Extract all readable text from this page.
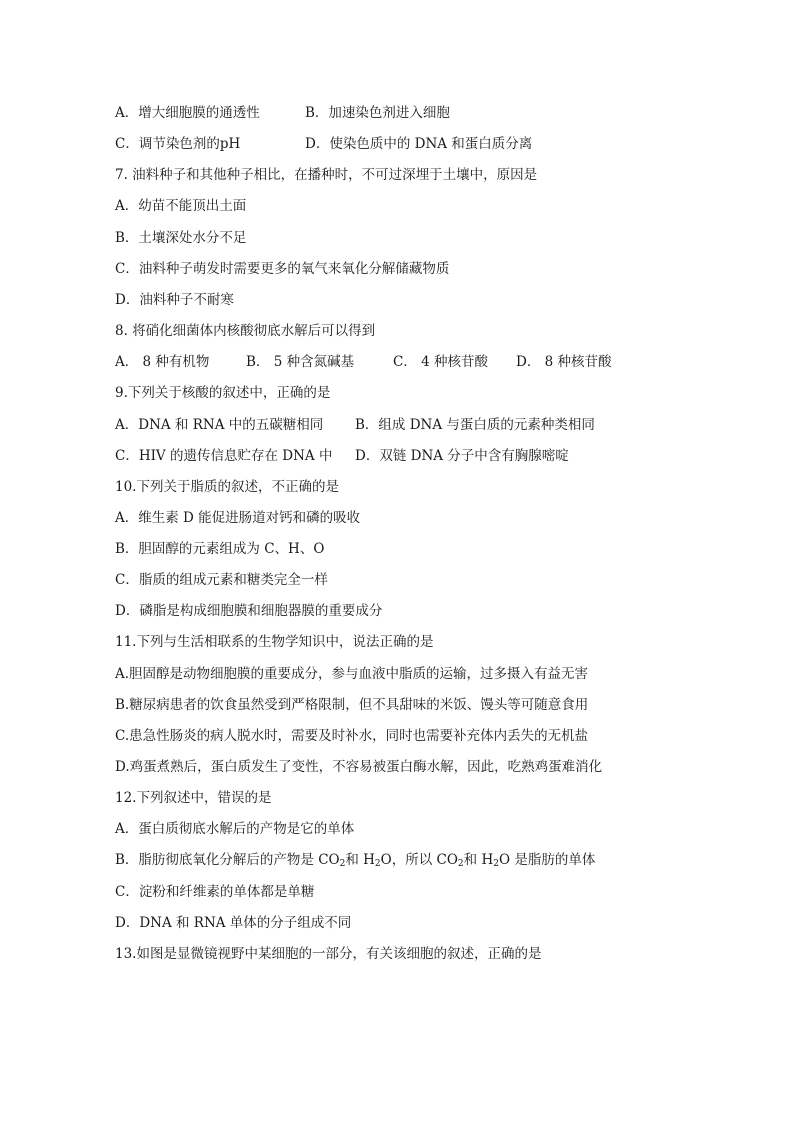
A．增大细胞膜的通透性	B．加速染色剂进入细胞
C．调节染色剂的pH	D．使染色质中的 DNA 和蛋白质分离
7. 油料种子和其他种子相比，在播种时，不可过深埋于土壤中，原因是
A．幼苗不能顶出土面
B．土壤深处水分不足
C．油料种子萌发时需要更多的氧气来氧化分解储藏物质
D．油料种子不耐寒
8. 将硝化细菌体内核酸彻底水解后可以得到
A． 8 种有机物	B． 5 种含氮碱基	C． 4 种核苷酸 D． 8 种核苷酸
9.下列关于核酸的叙述中，正确的是
A．DNA 和 RNA 中的五碳糖相同 B．组成 DNA 与蛋白质的元素种类相同
C．HIV 的遗传信息贮存在 DNA 中 D．双链 DNA 分子中含有胸腺嘧啶
10.下列关于脂质的叙述，不正确的是
A．维生素 D 能促进肠道对钙和磷的吸收
B．胆固醇的元素组成为 C、H、O
C．脂质的组成元素和糖类完全一样
D．磷脂是构成细胞膜和细胞器膜的重要成分
11.下列与生活相联系的生物学知识中，说法正确的是
A.胆固醇是动物细胞膜的重要成分，参与血液中脂质的运输，过多摄入有益无害
B.糖尿病患者的饮食虽然受到严格限制，但不具甜味的米饭、馒头等可随意食用
C.患急性肠炎的病人脱水时，需要及时补水，同时也需要补充体内丢失的无机盐
D.鸡蛋煮熟后，蛋白质发生了变性，不容易被蛋白酶水解，因此，吃熟鸡蛋难消化
12.下列叙述中，错误的是
A．蛋白质彻底水解后的产物是它的单体
B．脂肪彻底氧化分解后的产物是 $CO_2$和 $H_2O$，所以 $CO_2$和 $H_2O$ 是脂肪的单体
C．淀粉和纤维素的单体都是单糖
D．DNA 和 RNA 单体的分子组成不同
13.如图是显微镜视野中某细胞的一部分，有关该细胞的叙述，正确的是
